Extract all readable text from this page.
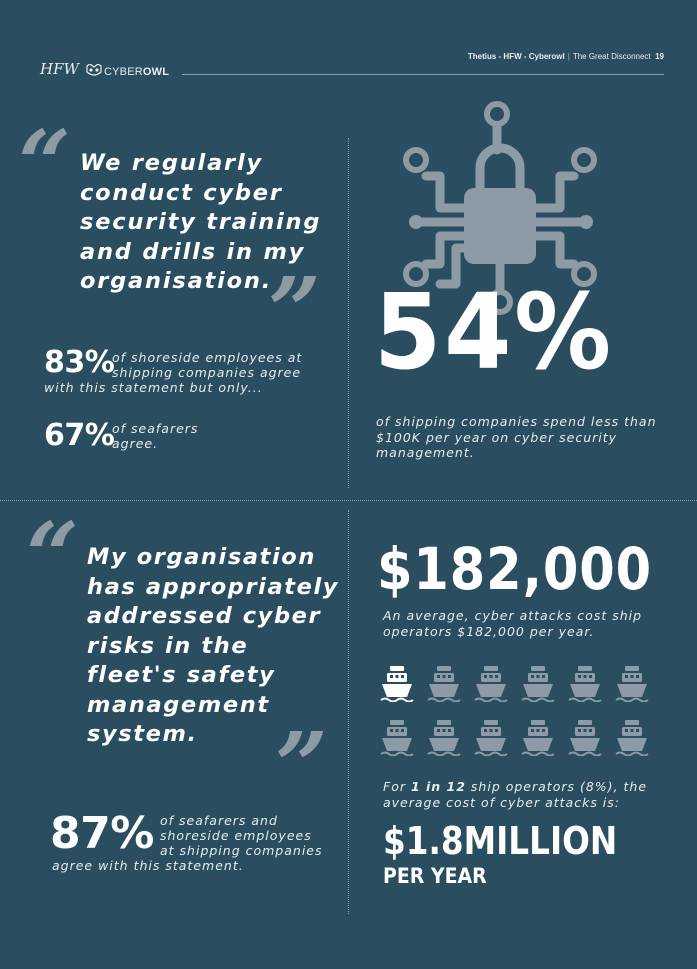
HFW CYBEROWL
Thetius - HFW - Cyberowl | The Great Disconnect 19
“ We regularly
conduct cyber
security training
and drills in my
organisation.
”
83%
of shoreside employees at
shipping companies agree
with this statement but only...
67%
of seafarers
agree.
54%
of shipping companies spend less than
$100K per year on cyber security
management.
“ My organisation
has appropriately
addressed cyber
risks in the
fleet's safety
management
system. ”
87% of seafarers and
shoreside employees
at shipping companies
agree with this statement.
$182,000
An average, cyber attacks cost ship
operators $182,000 per year.
For 1 in 12 ship operators (8%), the
average cost of cyber attacks is:
$1.8MILLION
PER YEAR
